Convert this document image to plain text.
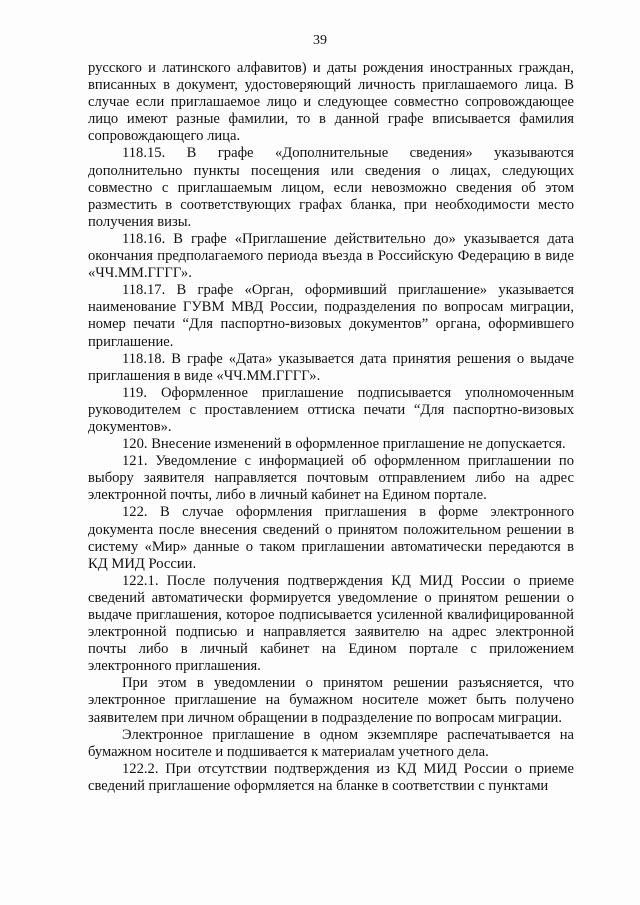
39

русского и латинского алфавитов) и даты рождения иностранных граждан, вписанных в документ, удостоверяющий личность приглашаемого лица. В случае если приглашаемое лицо и следующее совместно сопровождающее лицо имеют разные фамилии, то в данной графе вписывается фамилия сопровождающего лица.

118.15. В графе «Дополнительные сведения» указываются дополнительно пункты посещения или сведения о лицах, следующих совместно с приглашаемым лицом, если невозможно сведения об этом разместить в соответствующих графах бланка, при необходимости место получения визы.

118.16. В графе «Приглашение действительно до» указывается дата окончания предполагаемого периода въезда в Российскую Федерацию в виде «ЧЧ.ММ.ГГГГ».

118.17. В графе «Орган, оформивший приглашение» указывается наименование ГУВМ МВД России, подразделения по вопросам миграции, номер печати “Для паспортно-визовых документов” органа, оформившего приглашение.

118.18. В графе «Дата» указывается дата принятия решения о выдаче приглашения в виде «ЧЧ.ММ.ГГГГ».

119. Оформленное приглашение подписывается уполномоченным руководителем с проставлением оттиска печати “Для паспортно-визовых документов».

120. Внесение изменений в оформленное приглашение не допускается.

121. Уведомление с информацией об оформленном приглашении по выбору заявителя направляется почтовым отправлением либо на адрес электронной почты, либо в личный кабинет на Едином портале.

122. В случае оформления приглашения в форме электронного документа после внесения сведений о принятом положительном решении в систему «Мир» данные о таком приглашении автоматически передаются в КД МИД России.

122.1. После получения подтверждения КД МИД России о приеме сведений автоматически формируется уведомление о принятом решении о выдаче приглашения, которое подписывается усиленной квалифицированной электронной подписью и направляется заявителю на адрес электронной почты либо в личный кабинет на Едином портале с приложением электронного приглашения.

При этом в уведомлении о принятом решении разъясняется, что электронное приглашение на бумажном носителе может быть получено заявителем при личном обращении в подразделение по вопросам миграции.

Электронное приглашение в одном экземпляре распечатывается на бумажном носителе и подшивается к материалам учетного дела.

122.2. При отсутствии подтверждения из КД МИД России о приеме сведений приглашение оформляется на бланке в соответствии с пунктами
